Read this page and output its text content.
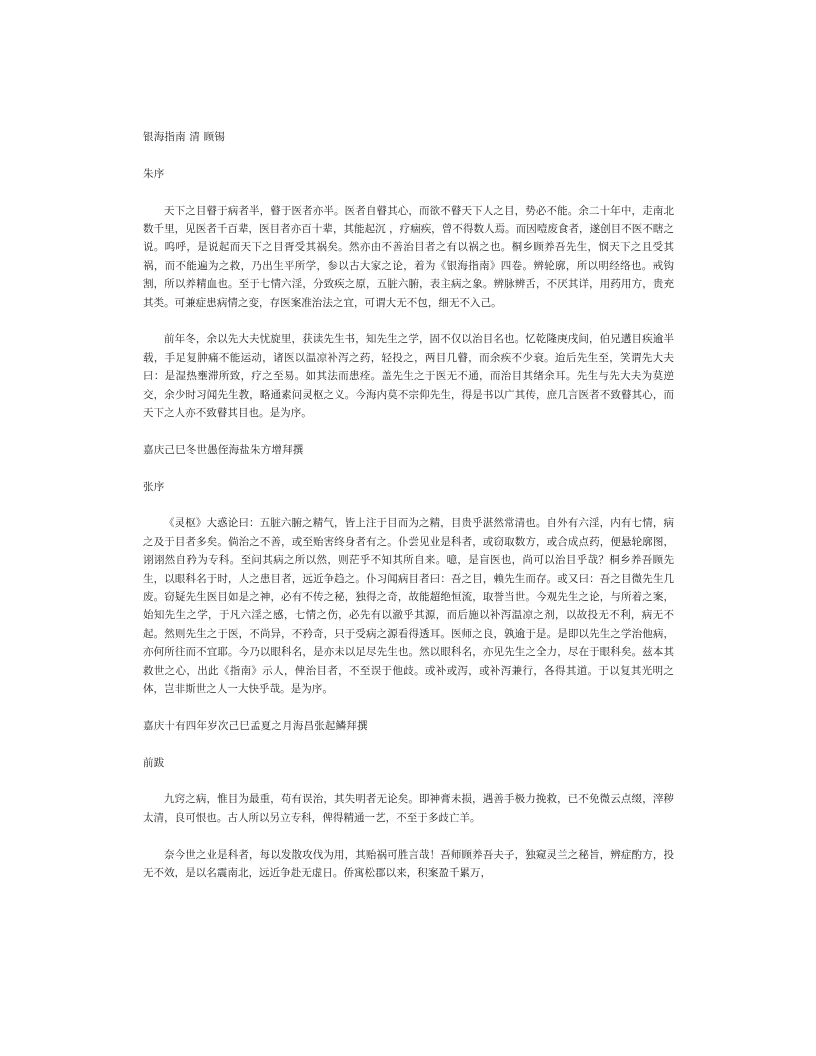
银海指南 清 顾锡
朱序
天下之目瞽于病者半，瞽于医者亦半。医者自瞽其心，而欲不瞽天下人之目，势必不能。余二十年中，走南北数千里，见医者千百辈，医目者亦百十辈，其能起沉 ，疗痼疾，曾不得数人焉。而因噎废食者，遂创目不医不瞎之说。呜呼，是说起而天下之目胥受其祸矣。然亦由不善治目者之有以祸之也。桐乡顾养吾先生，悯天下之且受其祸，而不能遍为之救，乃出生平所学，参以古大家之论，着为《银海指南》四卷。辨轮廓，所以明经络也。戒钩割，所以养精血也。至于七情六淫，分致疾之原，五脏六腑，表主病之象。辨脉辨舌，不厌其详，用药用方，贵充其类。可兼症患病情之变，存医案准治法之宜，可谓大无不包，细无不入己。
前年冬，余以先大夫忧旋里，获读先生书，知先生之学，固不仅以治目名也。忆乾隆庚戌间，伯兄遘目疾逾半载，手足复肿痛不能运动，诸医以温凉补泻之药，轻投之，两目几瞽，而余疾不少衰。迨后先生至，笑谓先大夫曰：是湿热壅滞所致，疗之至易。如其法而患痊。盖先生之于医无不通，而治目其绪余耳。先生与先大夫为莫逆交，余少时习闻先生教，略通素问灵枢之义。今海内莫不宗仰先生，得是书以广其传，庶几言医者不致瞽其心，而天下之人亦不致瞽其目也。是为序。
嘉庆己巳冬世愚侄海盐朱方增拜撰
张序
《灵枢》大惑论曰：五脏六腑之精气，皆上注于目而为之精，目贵乎湛然常清也。自外有六淫，内有七情，病之及于目者多矣。倘治之不善，或至贻害终身者有之。仆尝见业是科者，或窃取数方，或合成点药，便悬轮廓图，诩诩然自矜为专科。至问其病之所以然，则茫乎不知其所自来。噫，是盲医也，尚可以治目乎哉？桐乡养吾顾先生，以眼科名于时，人之患目者，远近争趋之。仆习闻病目者曰：吾之目，赖先生而存。或又曰：吾之目微先生几废。窃疑先生医目如是之神，必有不传之秘，独得之奇，故能超绝恒流，取誉当世。今观先生之论，与所着之案，始知先生之学，于凡六淫之感，七情之伤，必先有以澈乎其源，而后施以补泻温凉之剂，以故投无不利，病无不起。然则先生之于医，不尚异，不矜奇，只于受病之源看得透耳。医师之良，孰逾于是。是即以先生之学治他病，亦何所往而不宜耶。今乃以眼科名，是亦未以足尽先生也。然以眼科名，亦见先生之全力，尽在于眼科矣。兹本其救世之心，出此《指南》示人，俾治目者，不至误于他歧。或补或泻，或补泻兼行，各得其道。于以复其光明之体，岂非斯世之人一大快乎哉。是为序。
嘉庆十有四年岁次己巳孟夏之月海昌张起鳞拜撰
前跋
九窍之病，惟目为最重，苟有误治，其失明者无论矣。即神膏未损，遇善手极力挽救，已不免微云点缀，滓秽太清，良可恨也。古人所以另立专科，俾得精通一艺，不至于多歧亡羊。
奈今世之业是科者，每以发散攻伐为用，其贻祸可胜言哉！吾师顾养吾夫子，独窥灵兰之秘旨，辨症酌方，投无不效，是以名震南北，远近争赴无虚日。侨寓松郡以来，积案盈千累万，
